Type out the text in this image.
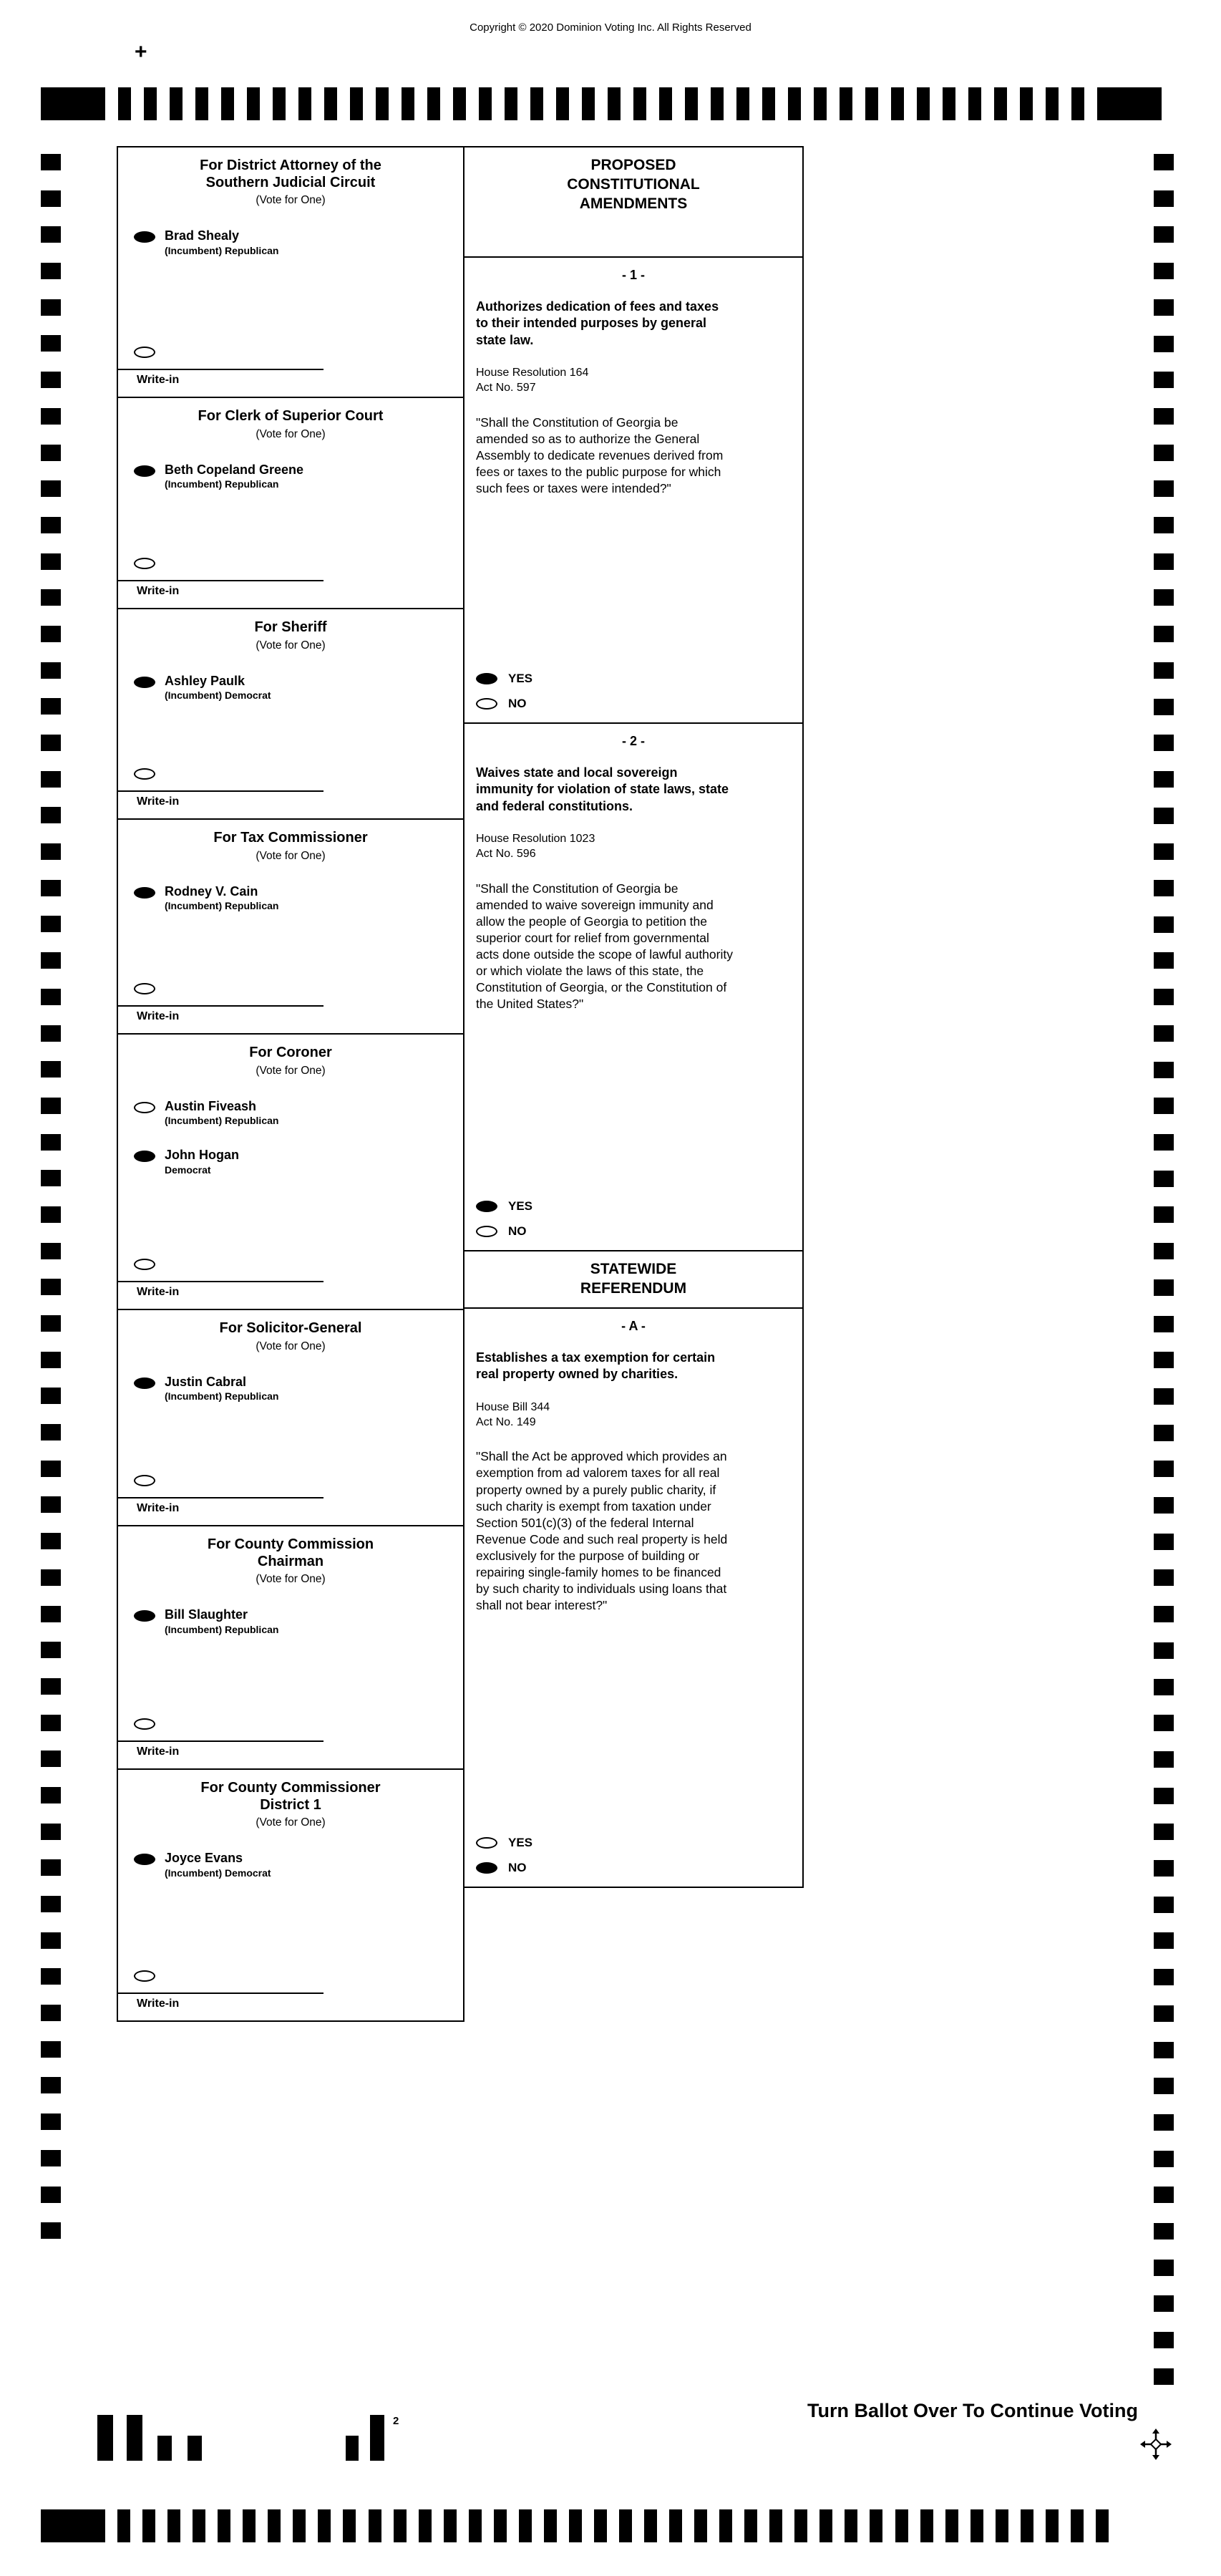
Copyright © 2020 Dominion Voting Inc. All Rights Reserved
+
For District Attorney of the
Southern Judicial Circuit
(Vote for One)
Brad Shealy
(Incumbent) Republican
Write-in
For Clerk of Superior Court
(Vote for One)
Beth Copeland Greene
(Incumbent) Republican
Write-in
For Sheriff
(Vote for One)
Ashley Paulk
(Incumbent) Democrat
Write-in
For Tax Commissioner
(Vote for One)
Rodney V. Cain
(Incumbent) Republican
Write-in
For Coroner
(Vote for One)
Austin Fiveash
(Incumbent) Republican
John Hogan
Democrat
Write-in
For Solicitor-General
(Vote for One)
Justin Cabral
(Incumbent) Republican
Write-in
For County Commission
Chairman
(Vote for One)
Bill Slaughter
(Incumbent) Republican
Write-in
For County Commissioner
District 1
(Vote for One)
Joyce Evans
(Incumbent) Democrat
Write-in
PROPOSED
CONSTITUTIONAL
AMENDMENTS
- 1 -
Authorizes dedication of fees and taxes to their intended purposes by general state law.
House Resolution 164
Act No. 597
"Shall the Constitution of Georgia be amended so as to authorize the General Assembly to dedicate revenues derived from fees or taxes to the public purpose for which such fees or taxes were intended?"
YES
NO
- 2 -
Waives state and local sovereign immunity for violation of state laws, state and federal constitutions.
House Resolution 1023
Act No. 596
"Shall the Constitution of Georgia be amended to waive sovereign immunity and allow the people of Georgia to petition the superior court for relief from governmental acts done outside the scope of lawful authority or which violate the laws of this state, the Constitution of Georgia, or the Constitution of the United States?"
YES
NO
STATEWIDE
REFERENDUM
- A -
Establishes a tax exemption for certain real property owned by charities.
House Bill 344
Act No. 149
"Shall the Act be approved which provides an exemption from ad valorem taxes for all real property owned by a purely public charity, if such charity is exempt from taxation under Section 501(c)(3) of the federal Internal Revenue Code and such real property is held exclusively for the purpose of building or repairing single-family homes to be financed by such charity to individuals using loans that shall not bear interest?"
YES
NO
2	Turn Ballot Over To Continue Voting
